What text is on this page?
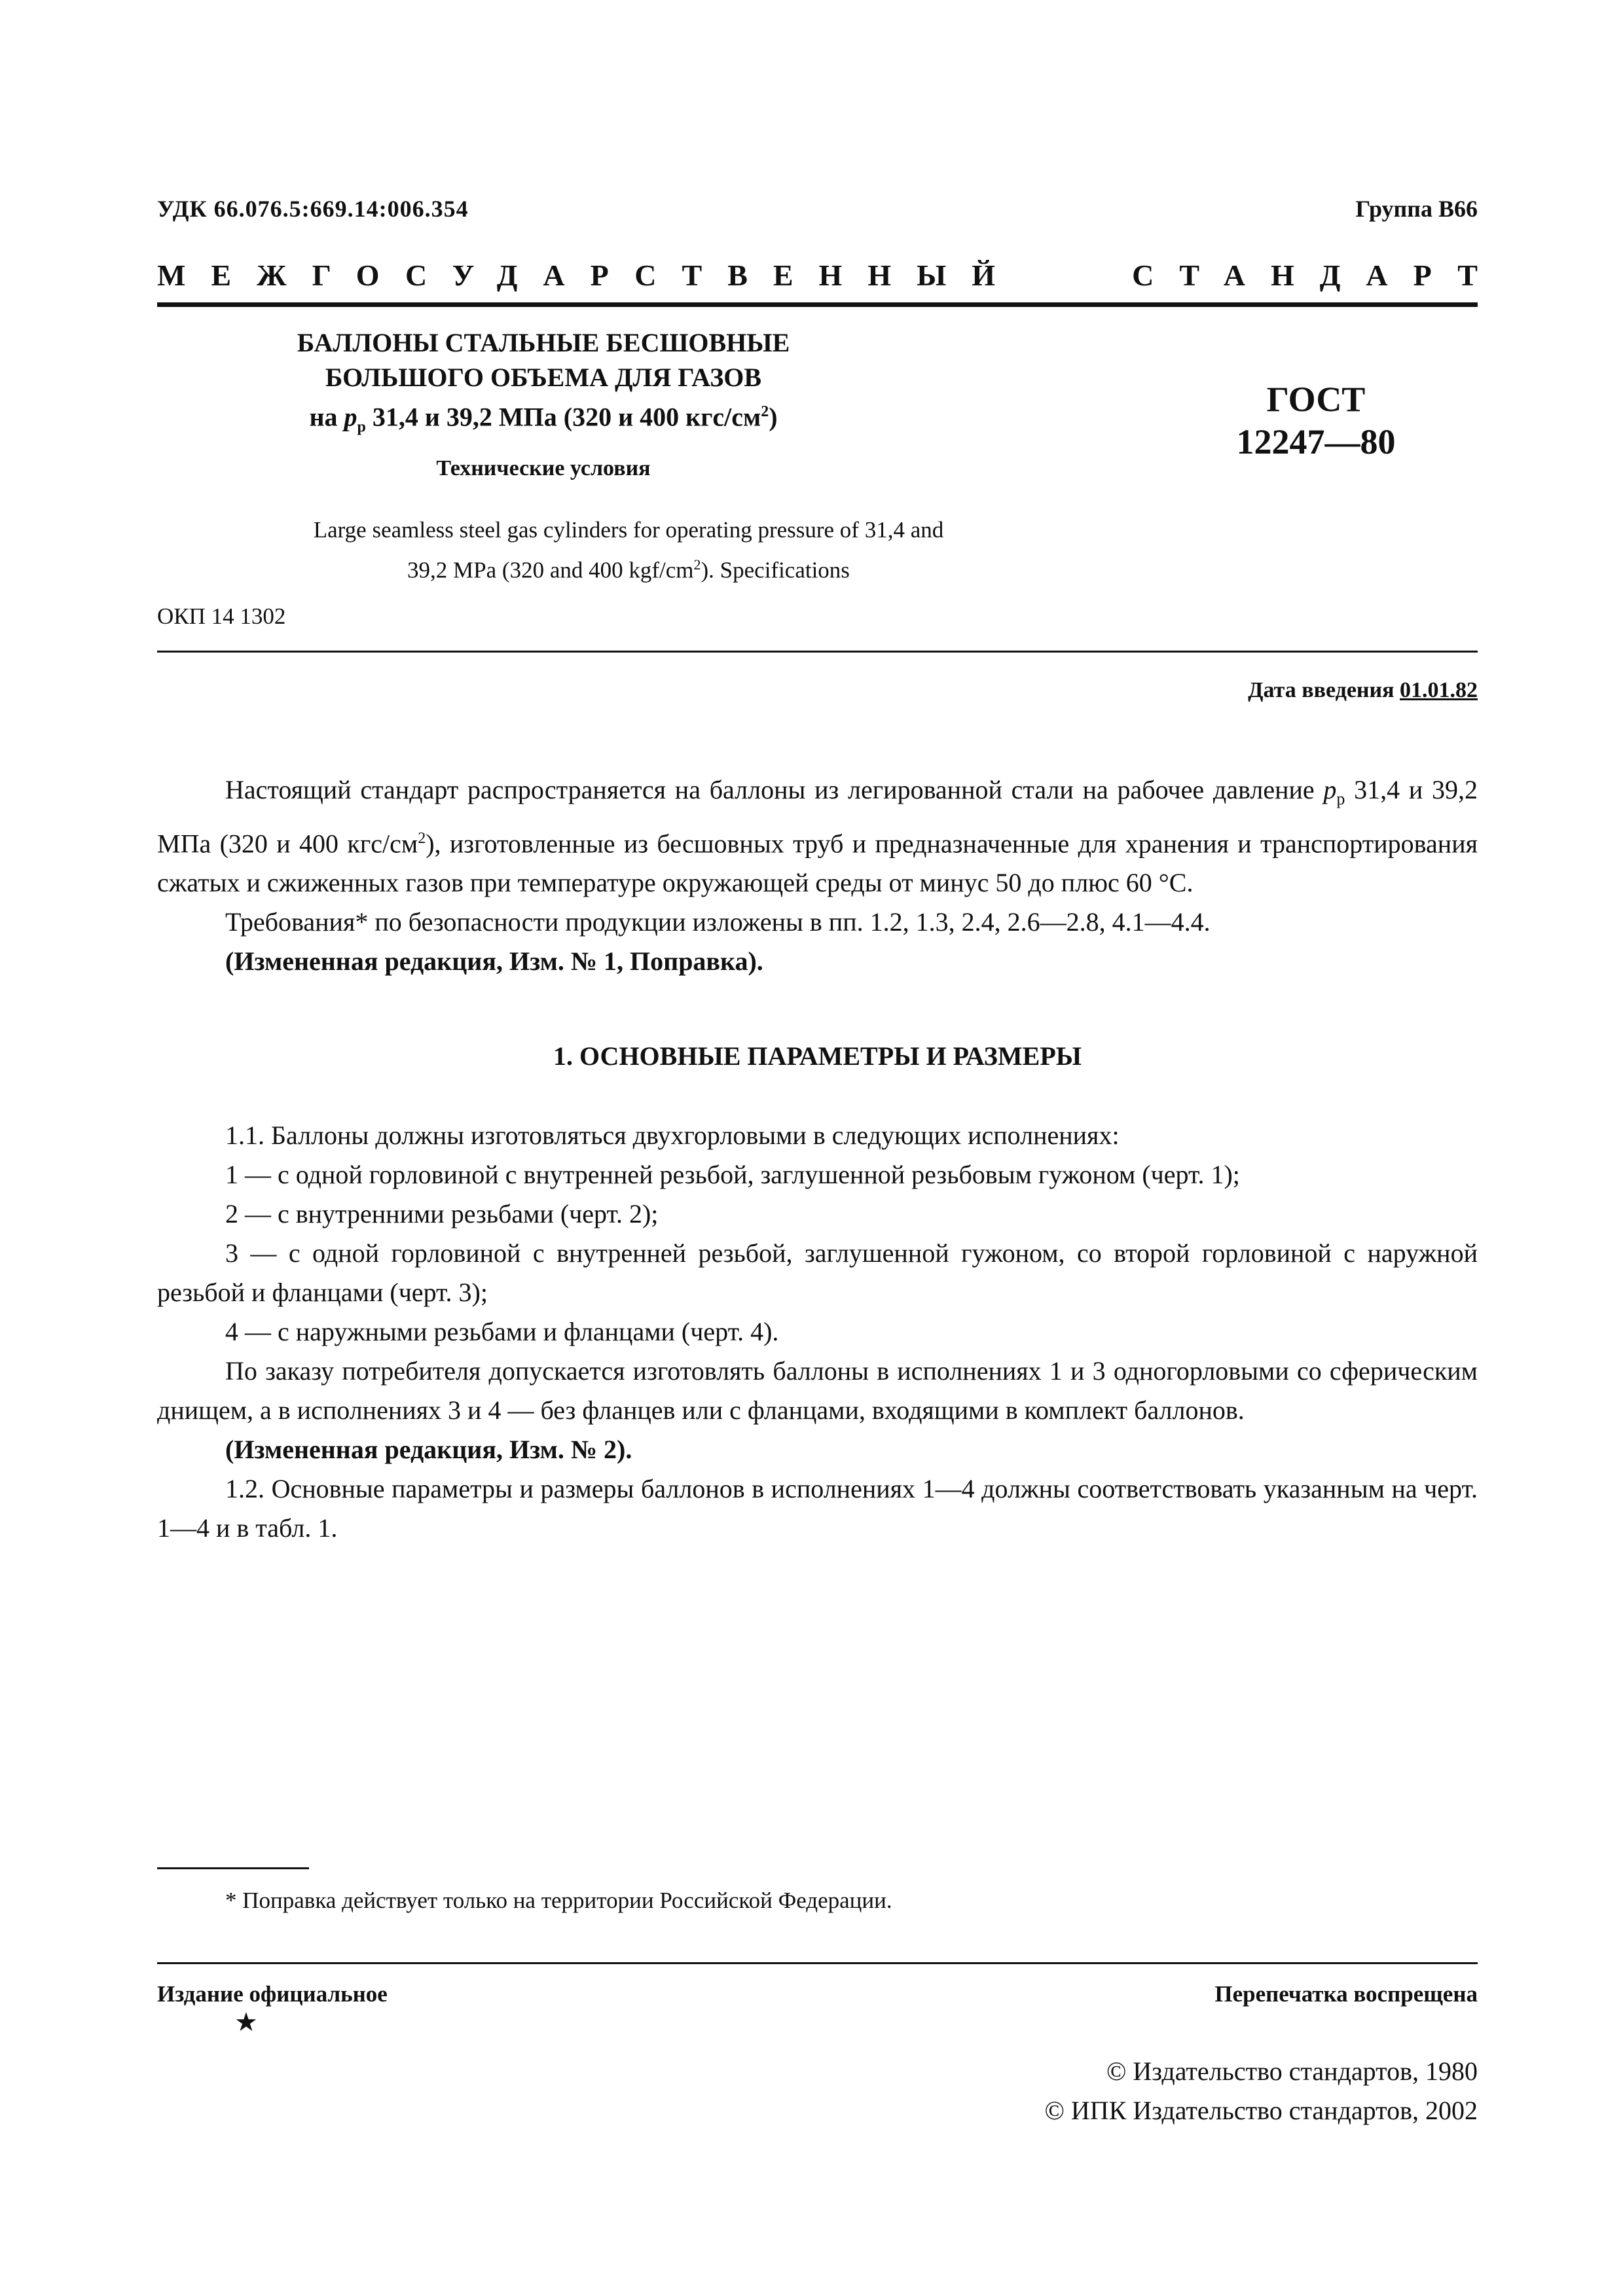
УДК 66.076.5:669.14:006.354	Группа В66
МЕЖГОСУДАРСТВЕННЫЙ	СТАНДАРТ
БАЛЛОНЫ СТАЛЬНЫЕ БЕСШОВНЫЕ
БОЛЬШОГО ОБЪЕМА ДЛЯ ГАЗОВ
на $p_р$ 31,4 и 39,2 МПа (320 и 400 кгс/$см^2$)
Технические условия
Large seamless steel gas cylinders for operating pressure of 31,4 and
39,2 MPa (320 and 400 kgf/$cm^2$). Specifications
ГОСТ
12247—80
ОКП 14 1302
Дата введения 01.01.82

Настоящий стандарт распространяется на баллоны из легированной стали на рабочее давление $p_р$ 31,4 и 39,2 МПа (320 и 400 кгс/$см^2$), изготовленные из бесшовных труб и предназначенные для хранения и транспортирования сжатых и сжиженных газов при температуре окружающей среды от минус 50 до плюс 60 °С.

Требования* по безопасности продукции изложены в пп. 1.2, 1.3, 2.4, 2.6—2.8, 4.1—4.4.

(Измененная редакция, Изм. № 1, Поправка).

1. ОСНОВНЫЕ ПАРАМЕТРЫ И РАЗМЕРЫ

1.1. Баллоны должны изготовляться двухгорловыми в следующих исполнениях:

1 — с одной горловиной с внутренней резьбой, заглушенной резьбовым гужоном (черт. 1);

2 — с внутренними резьбами (черт. 2);

3 — с одной горловиной с внутренней резьбой, заглушенной гужоном, со второй горловиной с наружной резьбой и фланцами (черт. 3);

4 — с наружными резьбами и фланцами (черт. 4).

По заказу потребителя допускается изготовлять баллоны в исполнениях 1 и 3 одногорловыми со сферическим днищем, а в исполнениях 3 и 4 — без фланцев или с фланцами, входящими в комплект баллонов.

(Измененная редакция, Изм. № 2).

1.2. Основные параметры и размеры баллонов в исполнениях 1—4 должны соответствовать указанным на черт. 1—4 и в табл. 1.

* Поправка действует только на территории Российской Федерации.
Издание официальное
★
Перепечатка воспрещена
© Издательство стандартов, 1980
© ИПК Издательство стандартов, 2002
